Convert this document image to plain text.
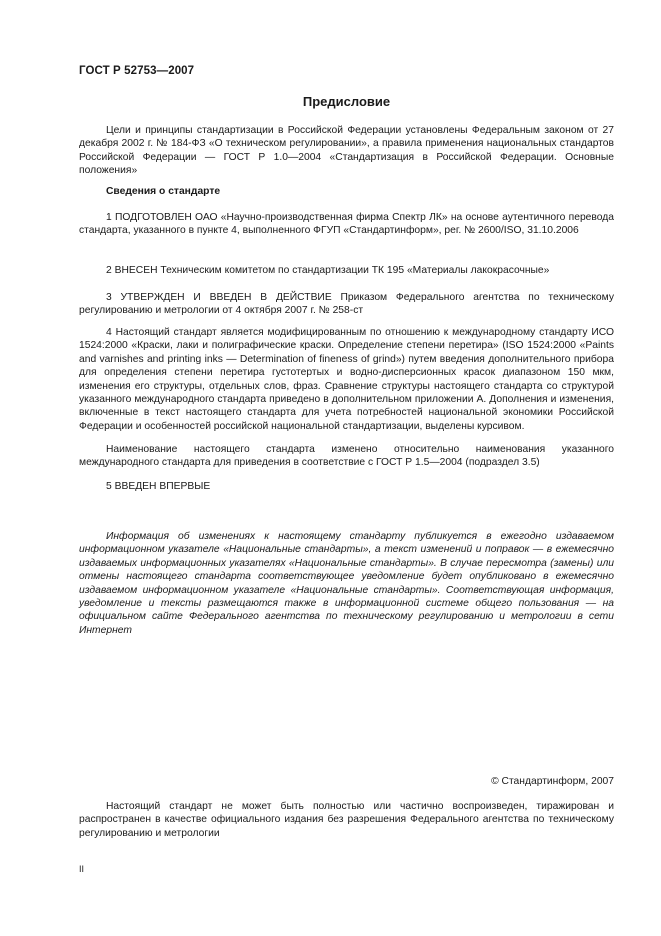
ГОСТ Р 52753—2007
Предисловие
Цели и принципы стандартизации в Российской Федерации установлены Федеральным законом от 27 декабря 2002 г. № 184-ФЗ «О техническом регулировании», а правила применения национальных стандартов Российской Федерации — ГОСТ Р 1.0—2004 «Стандартизация в Российской Федерации. Основные положения»
Сведения о стандарте
1 ПОДГОТОВЛЕН ОАО «Научно-производственная фирма Спектр ЛК» на основе аутентичного перевода стандарта, указанного в пункте 4, выполненного ФГУП «Стандартинформ», рег. № 2600/ISO, 31.10.2006
2 ВНЕСЕН Техническим комитетом по стандартизации ТК 195 «Материалы лакокрасочные»
3 УТВЕРЖДЕН И ВВЕДЕН В ДЕЙСТВИЕ Приказом Федерального агентства по техническому регулированию и метрологии от 4 октября 2007 г. № 258-ст
4 Настоящий стандарт является модифицированным по отношению к международному стандарту ИСО 1524:2000 «Краски, лаки и полиграфические краски. Определение степени перетира» (ISO 1524:2000 «Paints and varnishes and printing inks — Determination of fineness of grind») путем введения дополнительного прибора для определения степени перетира густотертых и водно-дисперсионных красок диапазоном 150 мкм, изменения его структуры, отдельных слов, фраз. Сравнение структуры настоящего стандарта со структурой указанного международного стандарта приведено в дополнительном приложении А. Дополнения и изменения, включенные в текст настоящего стандарта для учета потребностей национальной экономики Российской Федерации и особенностей российской национальной стандартизации, выделены курсивом.
Наименование настоящего стандарта изменено относительно наименования указанного международного стандарта для приведения в соответствие с ГОСТ Р 1.5—2004 (подраздел 3.5)
5 ВВЕДЕН ВПЕРВЫЕ
Информация об изменениях к настоящему стандарту публикуется в ежегодно издаваемом информационном указателе «Национальные стандарты», а текст изменений и поправок — в ежемесячно издаваемых информационных указателях «Национальные стандарты». В случае пересмотра (замены) или отмены настоящего стандарта соответствующее уведомление будет опубликовано в ежемесячно издаваемом информационном указателе «Национальные стандарты». Соответствующая информация, уведомление и тексты размещаются также в информационной системе общего пользования — на официальном сайте Федерального агентства по техническому регулированию и метрологии в сети Интернет
© Стандартинформ, 2007
Настоящий стандарт не может быть полностью или частично воспроизведен, тиражирован и распространен в качестве официального издания без разрешения Федерального агентства по техническому регулированию и метрологии
II
